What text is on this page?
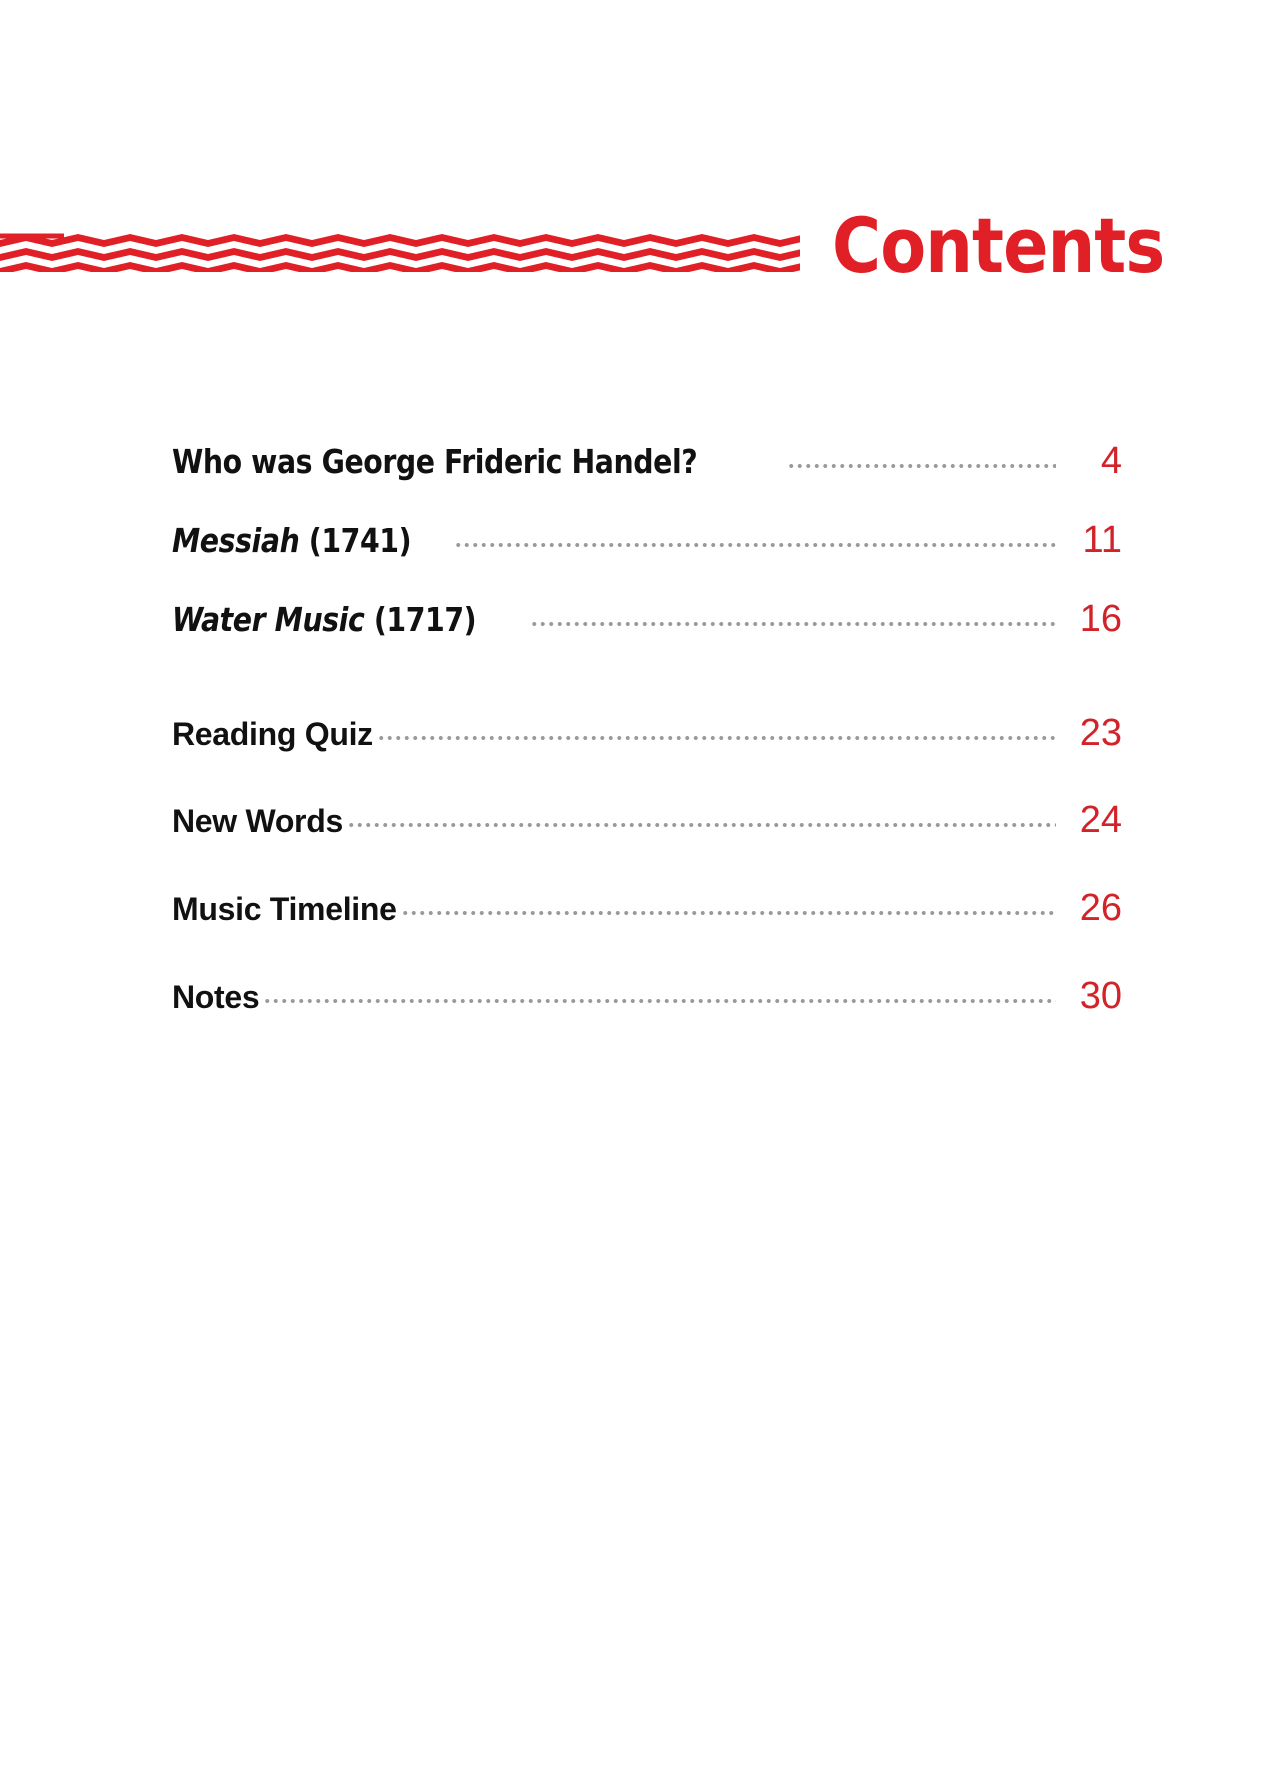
Contents
Who was George Frideric Handel?	4
Messiah (1741)	11
Water Music (1717)	16
Reading Quiz	23
New Words	24
Music Timeline	26
Notes	30
